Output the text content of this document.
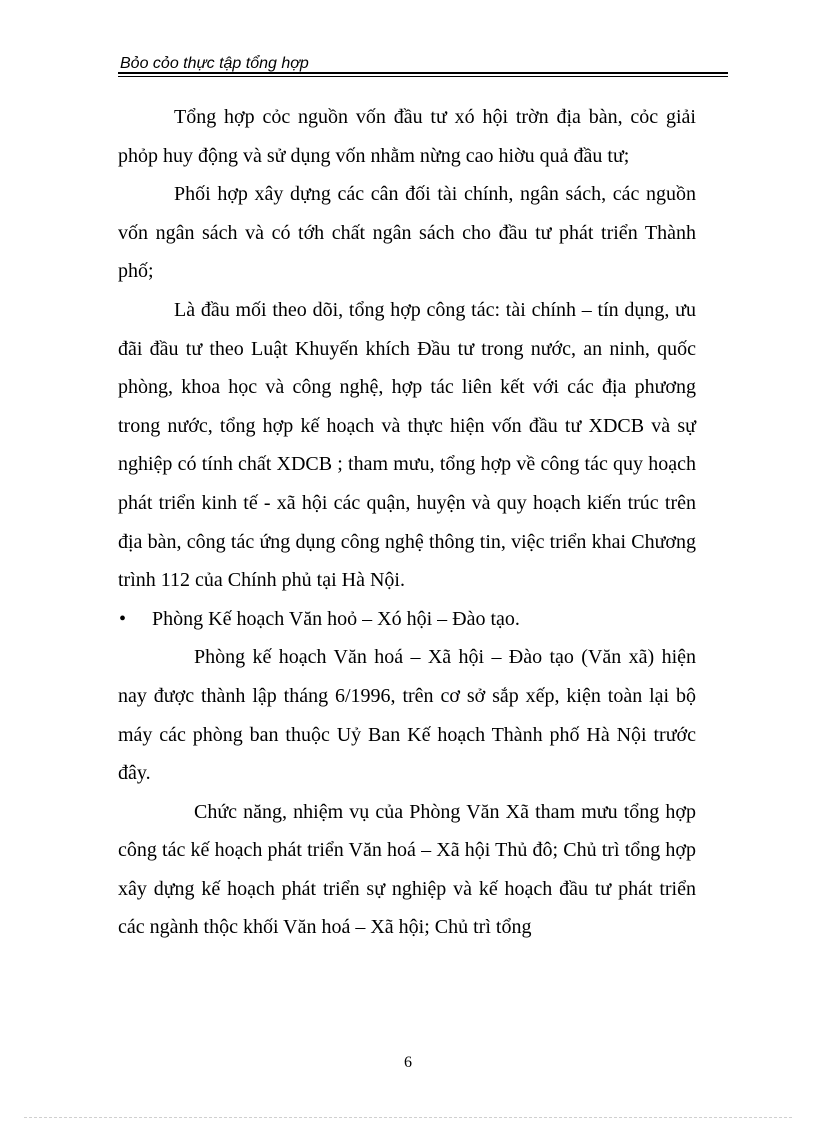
Bỏo cỏo thực tập tổng hợp

Tổng hợp cỏc nguồn vốn đầu tư xó hội trờn địa bàn, cỏc giải phỏp huy động và sử dụng vốn nhằm nừng cao hiờu quả đầu tư;

Phối hợp xây dựng các cân đối tài chính, ngân sách, các nguồn vốn ngân sách và có tớh chất ngân sách cho đầu tư phát triển Thành phố;

Là đầu mối theo dõi, tổng hợp công tác: tài chính – tín dụng, ưu đãi đầu tư theo Luật Khuyến khích Đầu tư trong nước, an ninh, quốc phòng, khoa học và công nghệ, hợp tác liên kết với các địa phương trong nước, tổng hợp kế hoạch và thực hiện vốn đầu tư XDCB và sự nghiệp có tính chất XDCB ; tham mưu, tổng hợp về công tác quy hoạch phát triển kinh tế - xã hội các quận, huyện và quy hoạch kiến trúc trên địa bàn, công tác ứng dụng công nghệ thông tin, việc triển khai Chương trình 112 của Chính phủ tại Hà Nội.

• Phòng Kế hoạch Văn hoỏ – Xó hội – Đào tạo.

Phòng kế hoạch Văn hoá – Xã hội – Đào tạo (Văn xã) hiện nay được thành lập tháng 6/1996, trên cơ sở sắp xếp, kiện toàn lại bộ máy các phòng ban thuộc Uỷ Ban Kế hoạch Thành phố Hà Nội trước đây.

Chức năng, nhiệm vụ của Phòng Văn Xã tham mưu tổng hợp công tác kế hoạch phát triển Văn hoá – Xã hội Thủ đô; Chủ trì tổng hợp xây dựng kế hoạch phát triển sự nghiệp và kế hoạch đầu tư phát triển các ngành thộc khối Văn hoá – Xã hội; Chủ trì tổng

6
